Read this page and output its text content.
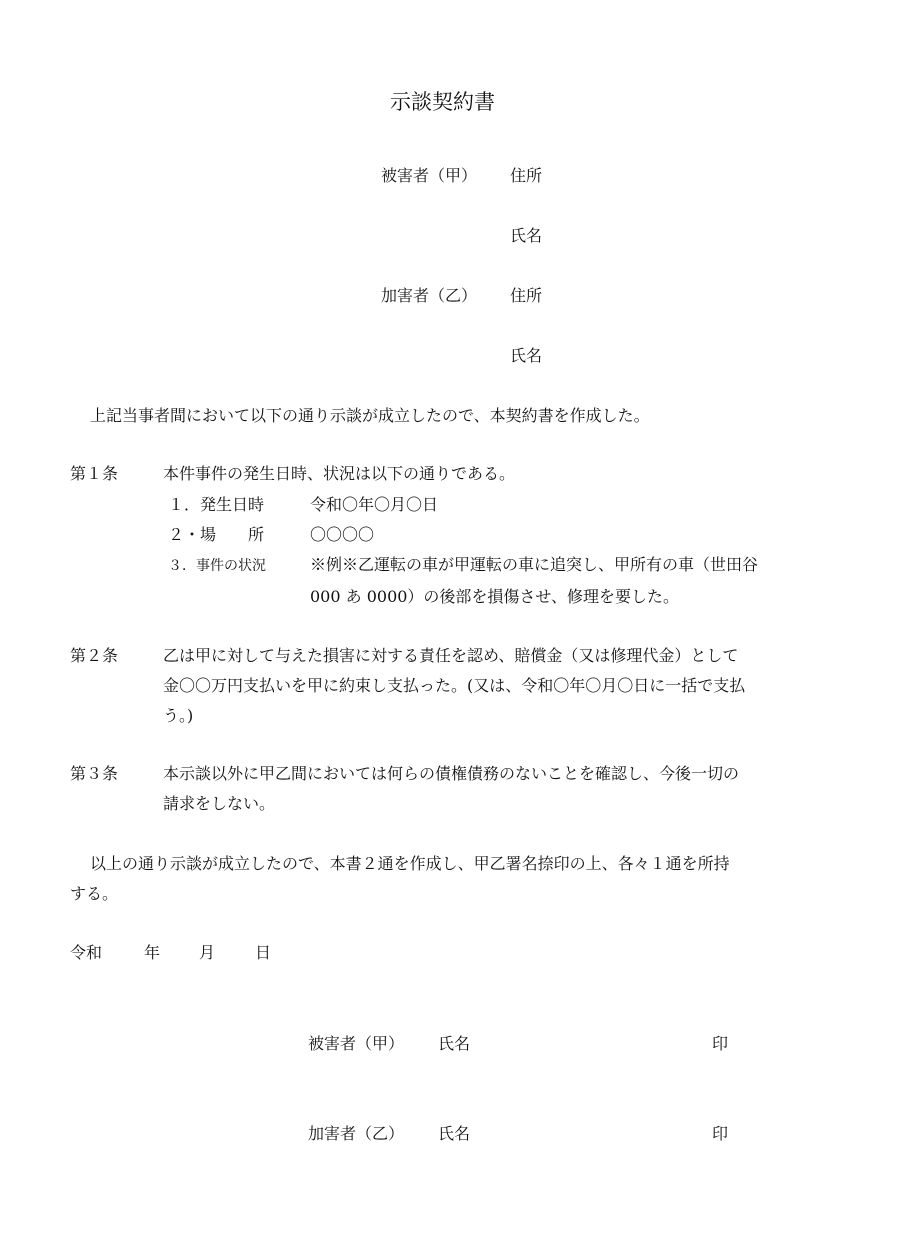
示談契約書
被害者（甲） 住所
氏名
加害者（乙） 住所
氏名
上記当事者間において以下の通り示談が成立したので、本契約書を作成した。
第１条	本件事件の発生日時、状況は以下の通りである。
１．発生日時	令和〇年〇月〇日
２・場　　所	〇〇〇〇
３．事件の状況	※例※乙運転の車が甲運転の車に追突し、甲所有の車（世田谷
000 あ 0000）の後部を損傷させ、修理を要した。
第２条	乙は甲に対して与えた損害に対する責任を認め、賠償金（又は修理代金）として
金〇〇万円支払いを甲に約束し支払った。(又は、令和〇年〇月〇日に一括で支払
う。)
第３条	本示談以外に甲乙間においては何らの債権債務のないことを確認し、今後一切の
請求をしない。
以上の通り示談が成立したので、本書２通を作成し、甲乙署名捺印の上、各々１通を所持
する。
令和	年 月 日
被害者（甲） 氏名	印
加害者（乙） 氏名	印
